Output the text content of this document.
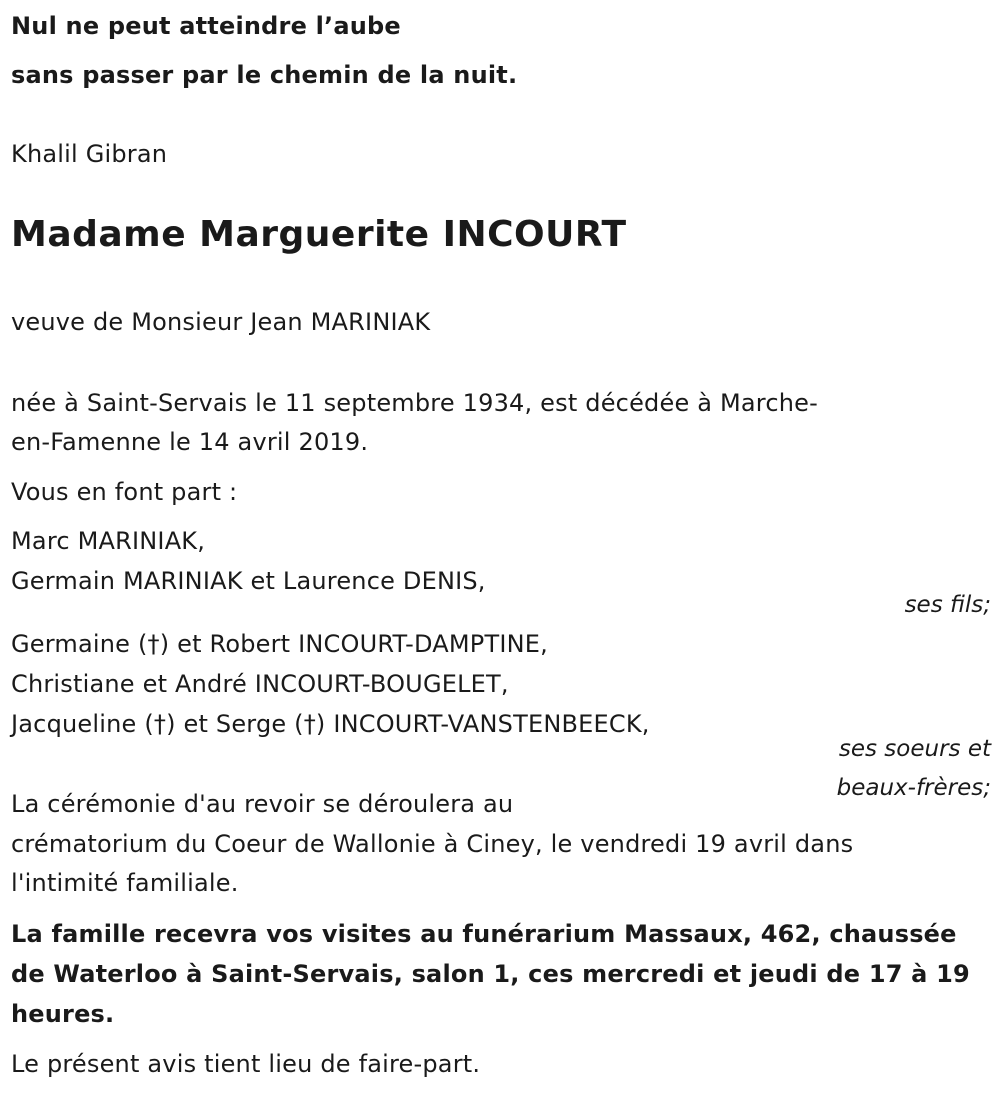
Nul ne peut atteindre l’aube
sans passer par le chemin de la nuit.
Khalil Gibran
Madame Marguerite INCOURT
veuve de Monsieur Jean MARINIAK
née à Saint-Servais le 11 septembre 1934, est décédée à Marche-
en-Famenne le 14 avril 2019.
Vous en font part :
Marc MARINIAK,
Germain MARINIAK et Laurence DENIS,
ses fils;
Germaine (†) et Robert INCOURT-DAMPTINE,
Christiane et André INCOURT-BOUGELET,
Jacqueline (†) et Serge (†) INCOURT-VANSTENBEECK,
ses soeurs et
beaux-frères;
La cérémonie d'au revoir se déroulera au
crématorium du Coeur de Wallonie à Ciney, le vendredi 19 avril dans
l'intimité familiale.
La famille recevra vos visites au funérarium Massaux, 462, chaussée
de Waterloo à Saint-Servais, salon 1, ces mercredi et jeudi de 17 à 19
heures.
Le présent avis tient lieu de faire-part.
